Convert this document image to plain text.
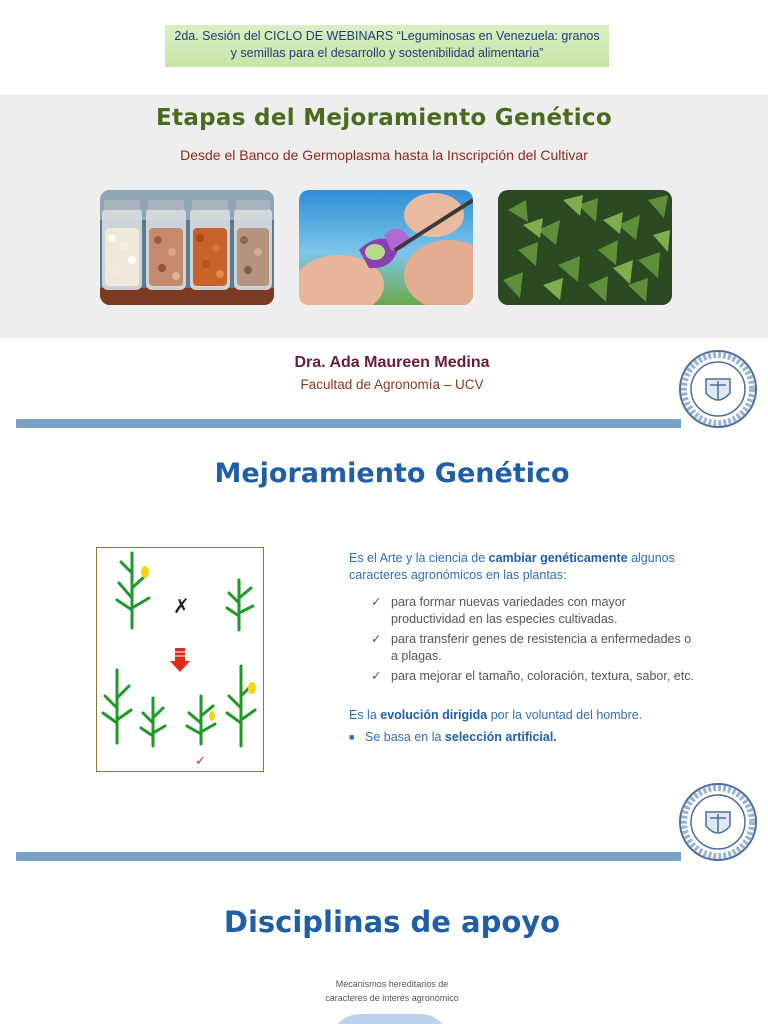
2da. Sesión del CICLO DE WEBINARS “Leguminosas en Venezuela: granos
y semillas para el desarrollo y sostenibilidad alimentaria”
Etapas del Mejoramiento Genético
Desde el Banco de Germoplasma hasta la Inscripción del Cultivar
Dra. Ada Maureen Medina
Facultad de Agronomía – UCV
Mejoramiento Genético
✗
✓
Es el Arte y la ciencia de cambiar genéticamente algunos caracteres agronómicos en las plantas:
✓ para formar nuevas variedades con mayor productividad en las especies cultivadas.
✓ para transferir genes de resistencia a enfermedades o a plagas.
✓ para mejorar el tamaño, coloración, textura, sabor, etc.
Es la evolución dirigida por la voluntad del hombre.
■ Se basa en la selección artificial.
Disciplinas de apoyo
Mecanismos hereditarios de
caracteres de interés agronómico
